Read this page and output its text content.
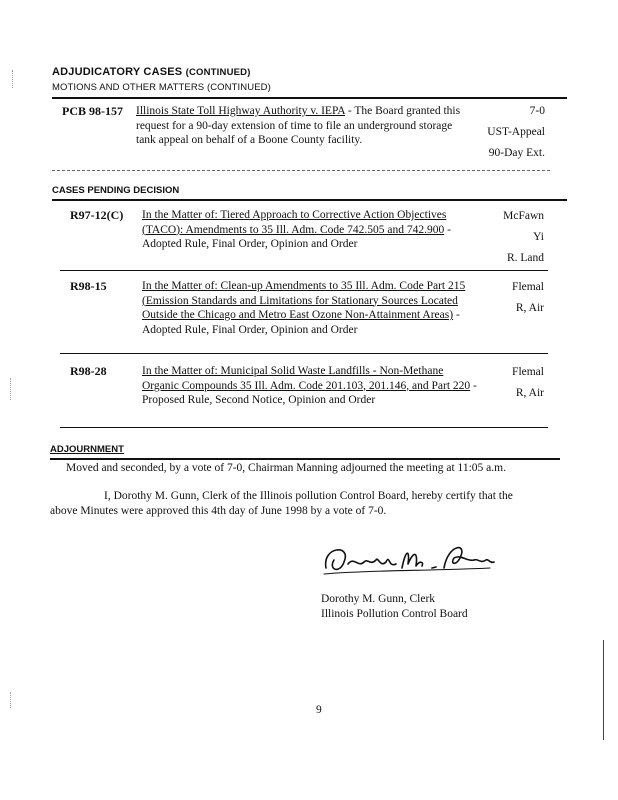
ADJUDICATORY CASES (CONTINUED)
MOTIONS AND OTHER MATTERS (CONTINUED)
PCB 98-157 Illinois State Toll Highway Authority v. IEPA - The Board granted this request for a 90-day extension of time to file an underground storage tank appeal on behalf of a Boone County facility.
7-0
UST-Appeal
90-Day Ext.
CASES PENDING DECISION
R97-12(C) In the Matter of: Tiered Approach to Corrective Action Objectives (TACO): Amendments to 35 Ill. Adm. Code 742.505 and 742.900 - Adopted Rule, Final Order, Opinion and Order
McFawn
Yi
R. Land
R98-15	In the Matter of: Clean-up Amendments to 35 Ill. Adm. Code Part 215 (Emission Standards and Limitations for Stationary Sources Located Outside the Chicago and Metro East Ozone Non-Attainment Areas) - Adopted Rule, Final Order, Opinion and Order
Flemal
R, Air
R98-28	In the Matter of: Municipal Solid Waste Landfills - Non-Methane Organic Compounds 35 Ill. Adm. Code 201.103, 201.146, and Part 220 - Proposed Rule, Second Notice, Opinion and Order
Flemal
R, Air
ADJOURNMENT
Moved and seconded, by a vote of 7-0, Chairman Manning adjourned the meeting at 11:05 a.m.
I, Dorothy M. Gunn, Clerk of the Illinois pollution Control Board, hereby certify that the above Minutes were approved this 4th day of June 1998 by a vote of 7-0.
Dorothy M. Gunn, Clerk
Illinois Pollution Control Board
9
